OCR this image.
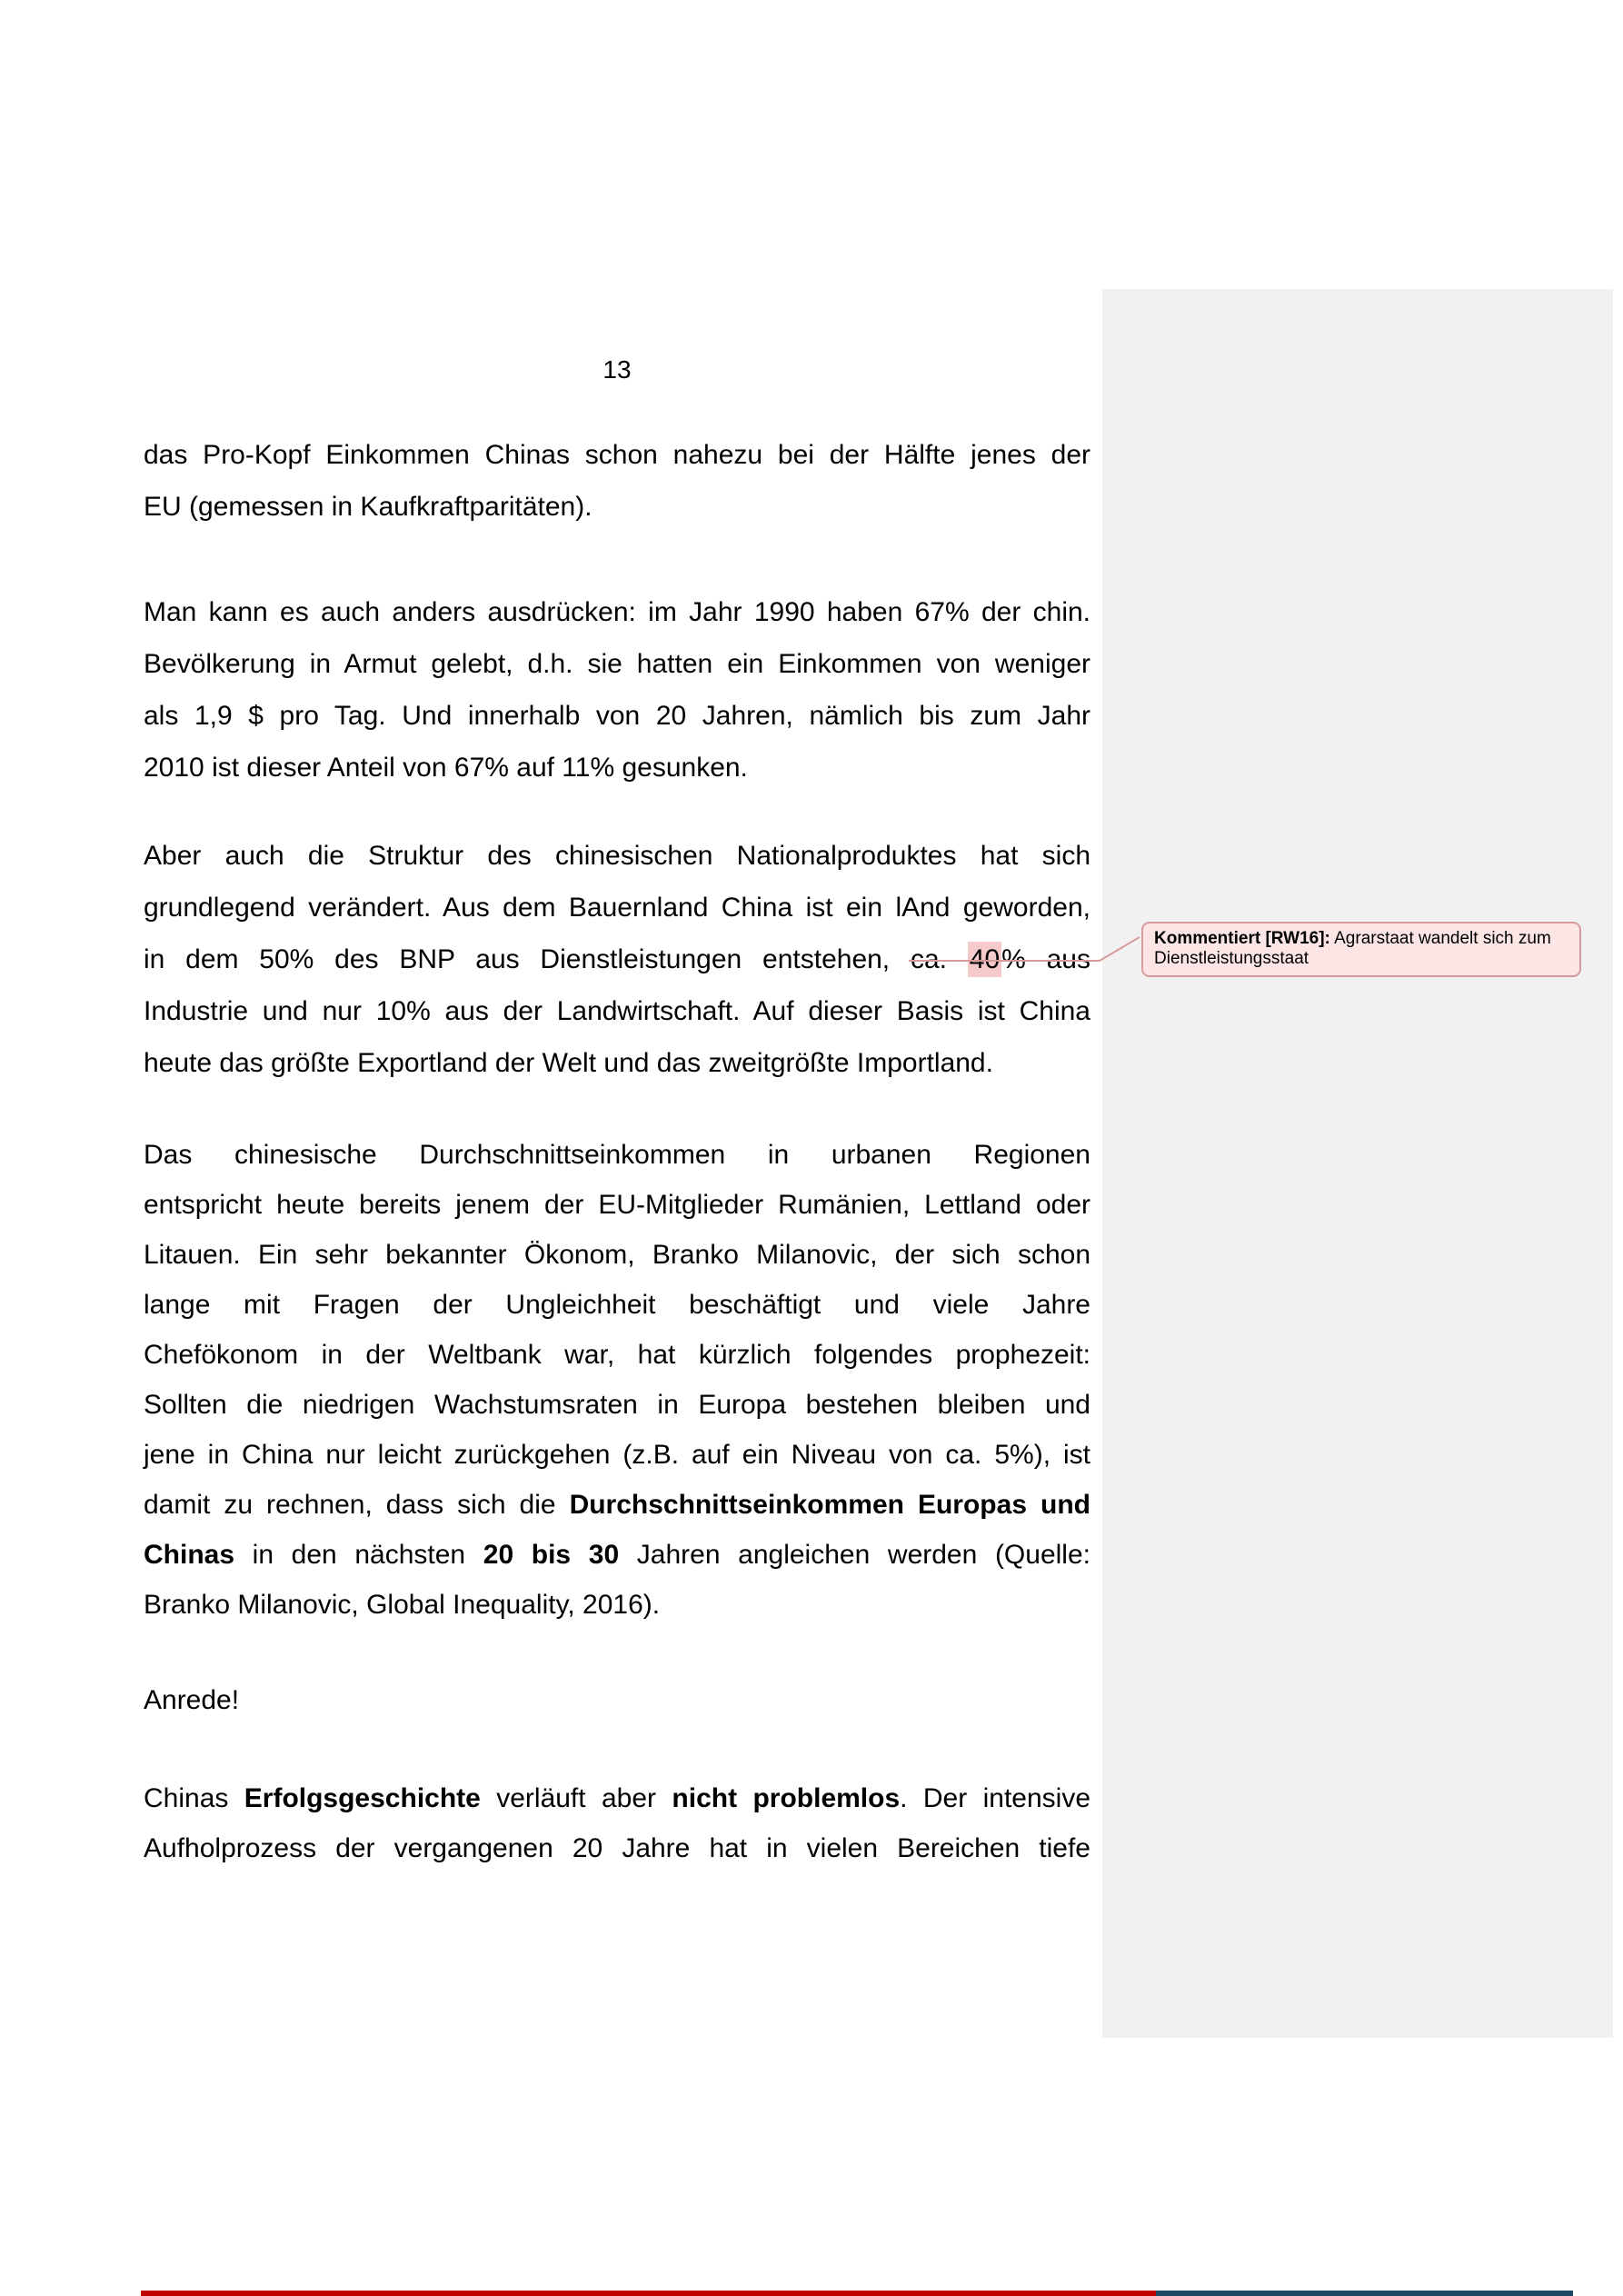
13
das Pro-Kopf Einkommen Chinas schon nahezu bei der Hälfte jenes der
EU (gemessen in Kaufkraftparitäten).
Man kann es auch anders ausdrücken: im Jahr 1990 haben 67% der chin.
Bevölkerung in Armut gelebt, d.h. sie hatten ein Einkommen von weniger
als 1,9 $ pro Tag. Und innerhalb von 20 Jahren, nämlich bis zum Jahr
2010 ist dieser Anteil von 67% auf 11% gesunken.
Aber auch die Struktur des chinesischen Nationalproduktes hat sich
grundlegend verändert. Aus dem Bauernland China ist ein lAnd geworden,
in dem 50% des BNP aus Dienstleistungen entstehen, ca. 40% aus
Industrie und nur 10% aus der Landwirtschaft. Auf dieser Basis ist China
heute das größte Exportland der Welt und das zweitgrößte Importland.
Das chinesische Durchschnittseinkommen in urbanen Regionen
entspricht heute bereits jenem der EU-Mitglieder Rumänien, Lettland oder
Litauen. Ein sehr bekannter Ökonom, Branko Milanovic, der sich schon
lange mit Fragen der Ungleichheit beschäftigt und viele Jahre
Chefökonom in der Weltbank war, hat kürzlich folgendes prophezeit:
Sollten die niedrigen Wachstumsraten in Europa bestehen bleiben und
jene in China nur leicht zurückgehen (z.B. auf ein Niveau von ca. 5%), ist
damit zu rechnen, dass sich die Durchschnittseinkommen Europas und
Chinas in den nächsten 20 bis 30 Jahren angleichen werden (Quelle:
Branko Milanovic, Global Inequality, 2016).
Anrede!
Chinas Erfolgsgeschichte verläuft aber nicht problemlos. Der intensive
Aufholprozess der vergangenen 20 Jahre hat in vielen Bereichen tiefe
Kommentiert [RW16]: Agrarstaat wandelt sich zum Dienstleistungsstaat
